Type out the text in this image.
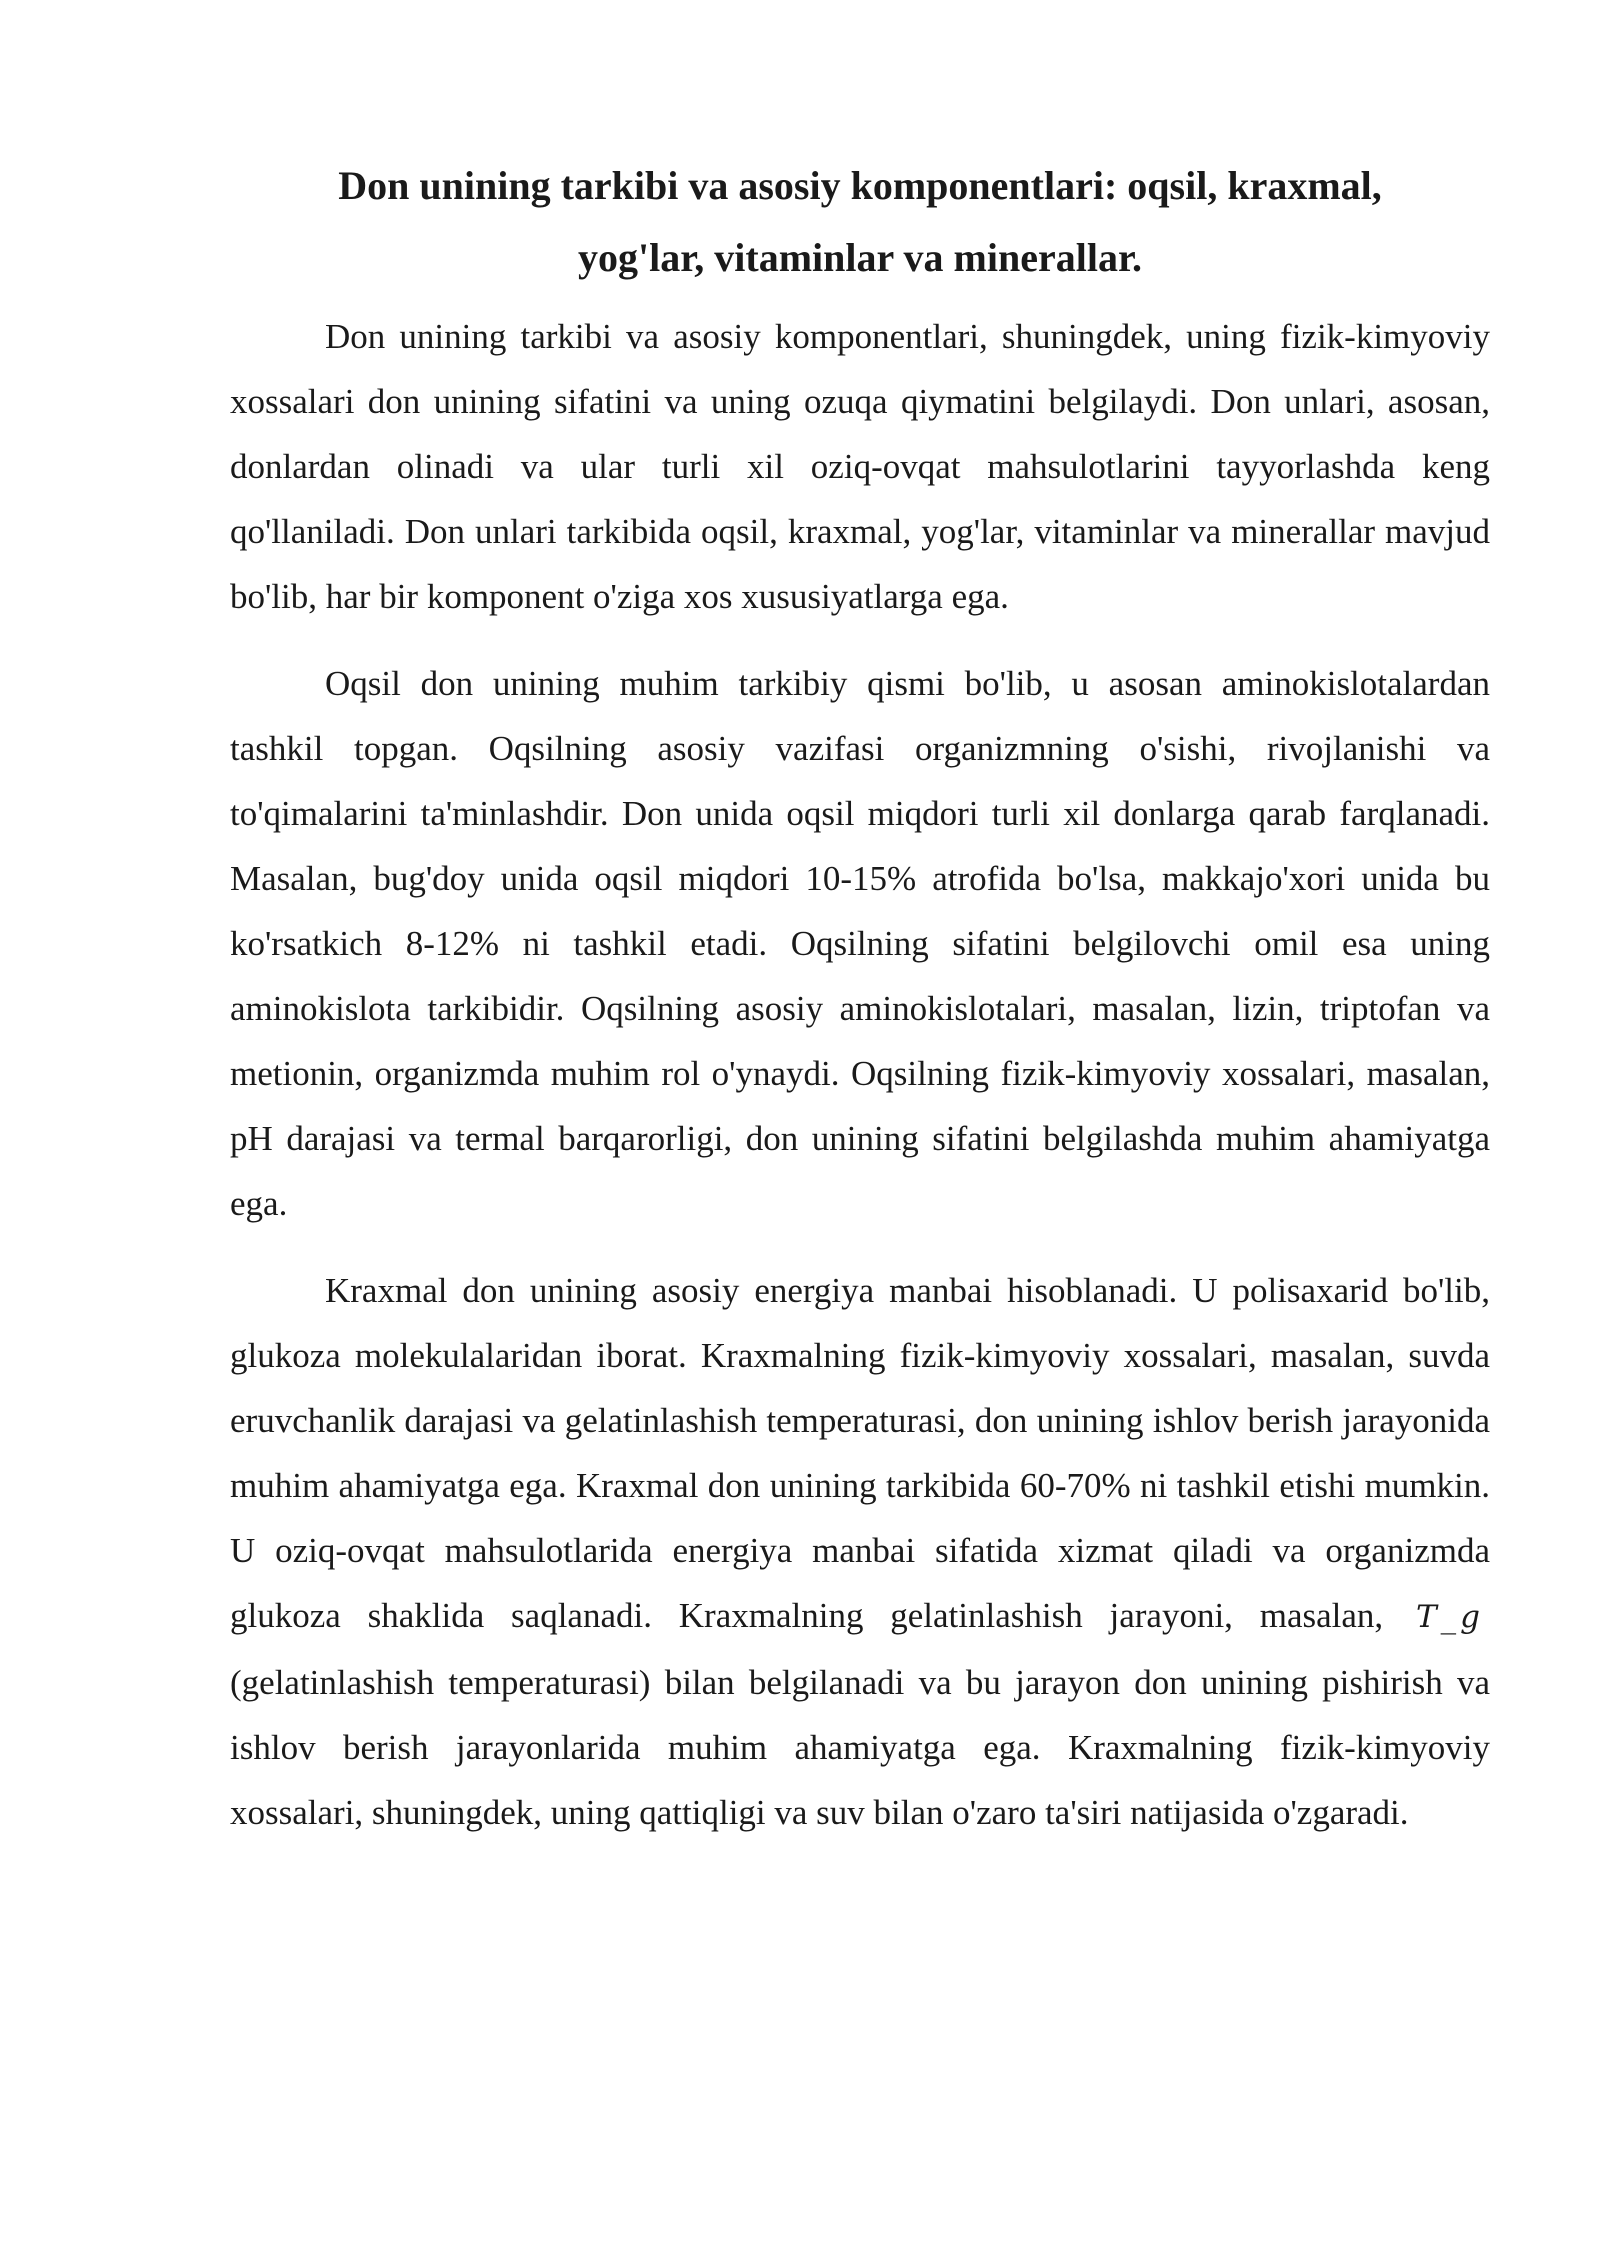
Don unining tarkibi va asosiy komponentlari: oqsil, kraxmal, yog'lar, vitaminlar va minerallar.

Don unining tarkibi va asosiy komponentlari, shuningdek, uning fizik-kimyoviy xossalari don unining sifatini va uning ozuqa qiymatini belgilaydi. Don unlari, asosan, donlardan olinadi va ular turli xil oziq-ovqat mahsulotlarini tayyorlashda keng qo'llaniladi. Don unlari tarkibida oqsil, kraxmal, yog'lar, vitaminlar va minerallar mavjud bo'lib, har bir komponent o'ziga xos xususiyatlarga ega.

Oqsil don unining muhim tarkibiy qismi bo'lib, u asosan aminokislotalardan tashkil topgan. Oqsilning asosiy vazifasi organizmning o'sishi, rivojlanishi va to'qimalarini ta'minlashdir. Don unida oqsil miqdori turli xil donlarga qarab farqlanadi. Masalan, bug'doy unida oqsil miqdori 10-15% atrofida bo'lsa, makkajo'xori unida bu ko'rsatkich 8-12% ni tashkil etadi. Oqsilning sifatini belgilovchi omil esa uning aminokislota tarkibidir. Oqsilning asosiy aminokislotalari, masalan, lizin, triptofan va metionin, organizmda muhim rol o'ynaydi. Oqsilning fizik-kimyoviy xossalari, masalan, pH darajasi va termal barqarorligi, don unining sifatini belgilashda muhim ahamiyatga ega.

Kraxmal don unining asosiy energiya manbai hisoblanadi. U polisaxarid bo'lib, glukoza molekulalaridan iborat. Kraxmalning fizik-kimyoviy xossalari, masalan, suvda eruvchanlik darajasi va gelatinlashish temperaturasi, don unining ishlov berish jarayonida muhim ahamiyatga ega. Kraxmal don unining tarkibida 60-70% ni tashkil etishi mumkin. U oziq-ovqat mahsulotlarida energiya manbai sifatida xizmat qiladi va organizmda glukoza shaklida saqlanadi. Kraxmalning gelatinlashish jarayoni, masalan, T_g (gelatinlashish temperaturasi) bilan belgilanadi va bu jarayon don unining pishirish va ishlov berish jarayonlarida muhim ahamiyatga ega. Kraxmalning fizik-kimyoviy xossalari, shuningdek, uning qattiqligi va suv bilan o'zaro ta'siri natijasida o'zgaradi.
